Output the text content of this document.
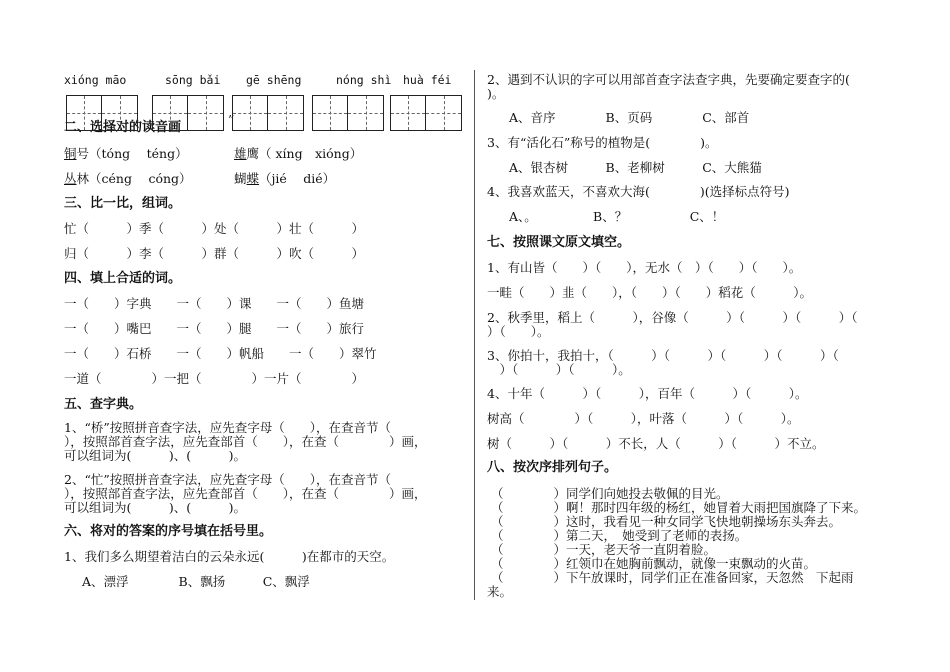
xióng māo	sōng bǎi gē shēng	nóng shì huà féi
二、选择对的读音画
”
铜号（tóng　 téng）	雄鹰（ xíng　xióng）
丛林（céng　 cóng）	蝴蝶（jié　 dié）
三、比一比，组词。
忙（　　　）季（　　　）处（　　　）壮（　　　）
归（　　　）李（　　　）群（　　　）吹（　　　）
四、填上合适的词。
一（　　）字典　　一（　　）课　　一（　　）鱼塘
一（　　）嘴巴　　一（　　）腿　　一（　　）旅行
一（　　）石桥　　一（　　）帆船　　一（　　）翠竹
一道（　　　　）一把（　　　　）一片（　　　　）
五、查字典。
1、“桥”按照拼音查字法，应先查字母（　　），在查音节（
），按照部首查字法，应先查部首（　　），在查（　　　　）画，
可以组词为(　　　)、(　　　)。
2、“忙”按照拼音查字法，应先查字母（　　），在查音节（
），按照部首查字法，应先查部首（　　），在查（　　　　）画，
可以组词为(　　　)、(　　　)。
六、将对的答案的序号填在括号里。
1、我们多么期望着洁白的云朵永远(　　　)在都市的天空。
A、漂浮　　　　B、飘扬　　　C、飘浮
2、遇到不认识的字可以用部首查字法查字典，先要确定要查字的(
)。
A、音序　　　　B、页码　　　　C、部首
3、有“活化石”称号的植物是(　　　　)。
A、银杏树　　　B、老柳树　　　C、大熊猫
4、我喜欢蓝天，不喜欢大海(　　　　)(选择标点符号)
A、。　　　　　B、？　　　　　C、！
七、按照课文原文填空。
1、有山皆（　　）（　　），无水（　）（　　）（　　）。
一畦（　　）韭（　　），（　　）（　　）稻花（　　　）。
2、秋季里，稻上（　　　），谷像（　　　）（　　　）（　　　）（
）（　　）。
3、你拍十，我拍十，（　　　）（　　　）（　　　）（　　　）（
　）（　　　）（　　　）。
4、十年（　　　）（　　　），百年（　　　）（　　　）。
树高（　　　　）（　　　），叶落（　　　）（　　　）。
树（　　　）（　　　）不长，人（　　　）（　　　）不立。
八、按次序排列句子。
（　　　　）同学们向她投去敬佩的目光。
（　　　　）啊！那时四年级的杨红，她冒着大雨把国旗降了下来。
（　　　　）这时，我看见一种女同学飞快地朝操场东头奔去。
（　　　　）第二天，　她受到了老师的表扬。
（　　　　）一天，老天爷一直阴着脸。
（　　　　）红领巾在她胸前飘动，就像一束飘动的火苗。
（　　　　）下午放课时，同学们正在准备回家，天忽然　下起雨
来。
